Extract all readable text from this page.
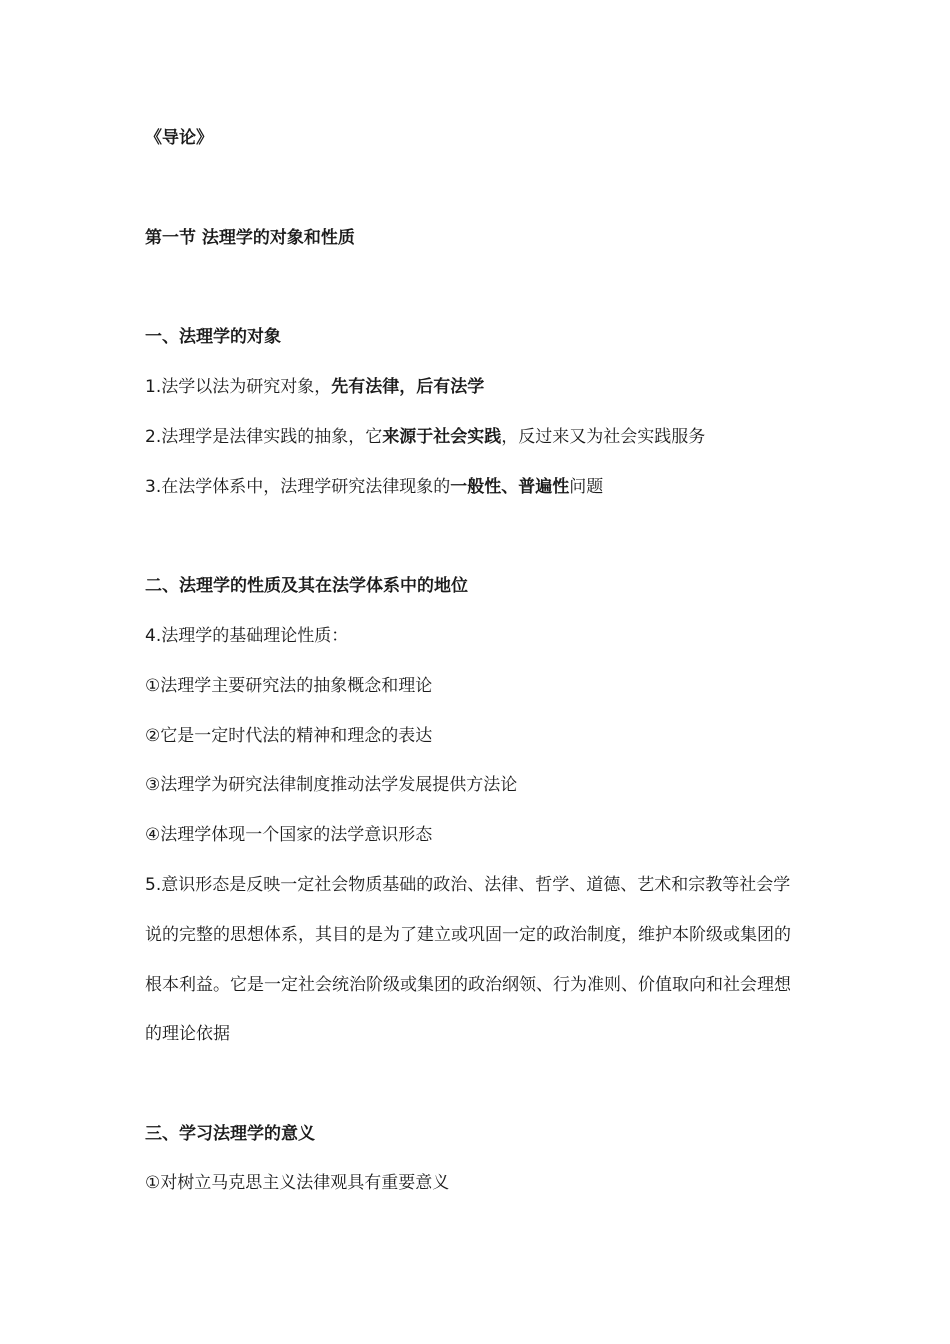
《导论》
第一节 法理学的对象和性质
一、法理学的对象
1.法学以法为研究对象，先有法律，后有法学
2.法理学是法律实践的抽象，它来源于社会实践，反过来又为社会实践服务
3.在法学体系中，法理学研究法律现象的一般性、普遍性问题
二、法理学的性质及其在法学体系中的地位
4.法理学的基础理论性质：
①法理学主要研究法的抽象概念和理论
②它是一定时代法的精神和理念的表达
③法理学为研究法律制度推动法学发展提供方法论
④法理学体现一个国家的法学意识形态
5.意识形态是反映一定社会物质基础的政治、法律、哲学、道德、艺术和宗教等社会学
说的完整的思想体系，其目的是为了建立或巩固一定的政治制度，维护本阶级或集团的
根本利益。它是一定社会统治阶级或集团的政治纲领、行为准则、价值取向和社会理想
的理论依据
三、学习法理学的意义
①对树立马克思主义法律观具有重要意义
